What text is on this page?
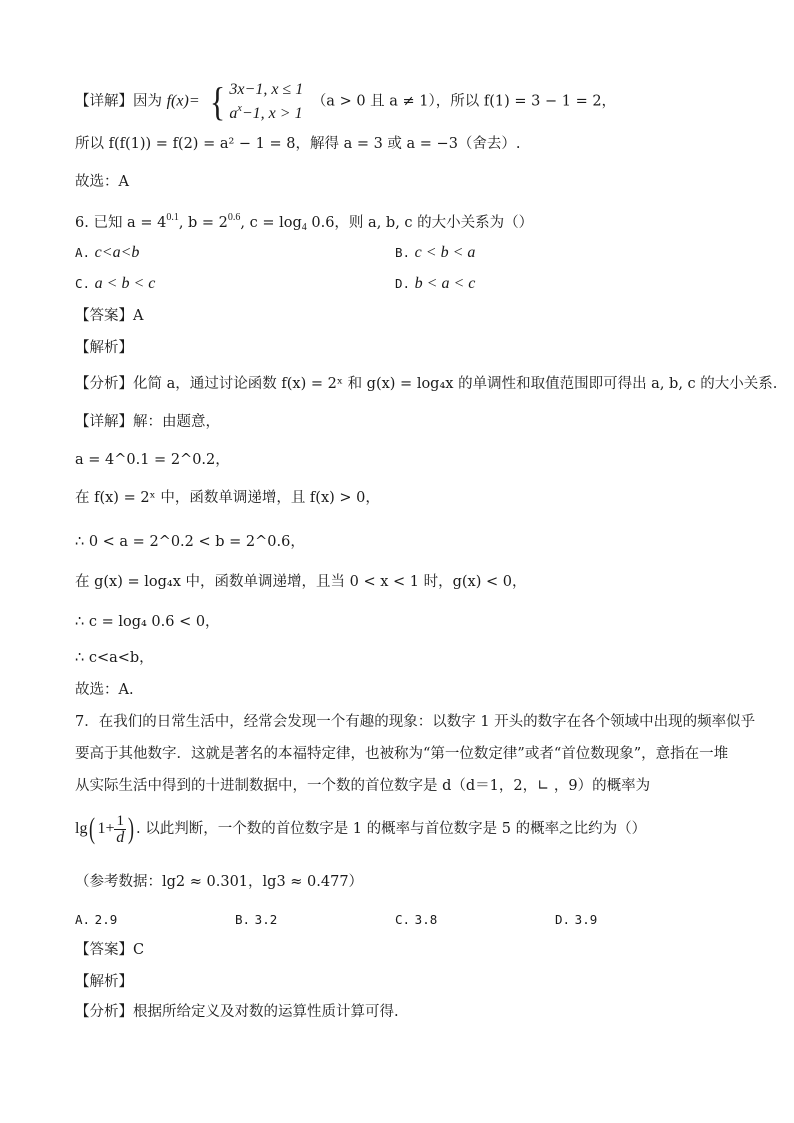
【详解】因为 f(x)= { 3x−1, x ≤ 1
$a^x-1$, x > 1
（a > 0 且 a ≠ 1），所以 f(1) = 3 − 1 = 2，
所以 f(f(1)) = f(2) = a² − 1 = 8，解得 a = 3 或 a = −3（舍去）.
故选：A
6. 已知 $a = 4^{0.1}$, $b = 2^{0.6}$, $c = \log_4 0.6$，则 a, b, c 的大小关系为（）
A. c<a<b	B. c < b < a
C. a < b < c	D. b < a < c
【答案】A
【解析】
【分析】化简 a，通过讨论函数 f(x) = 2ˣ 和 g(x) = log₄x 的单调性和取值范围即可得出 a, b, c 的大小关系.
【详解】解：由题意，
a = 4^0.1 = 2^0.2，
在 f(x) = 2ˣ 中，函数单调递增，且 f(x) > 0，
∴ 0 < a = 2^0.2 < b = 2^0.6，
在 g(x) = log₄x 中，函数单调递增，且当 0 < x < 1 时，g(x) < 0，
∴ c = log₄ 0.6 < 0，
∴ c<a<b，
故选：A.
7．在我们的日常生活中，经常会发现一个有趣的现象：以数字 1 开头的数字在各个领域中出现的频率似乎
要高于其他数字．这就是著名的本福特定律，也被称为“第一位数定律”或者“首位数现象”，意指在一堆
从实际生活中得到的十进制数据中，一个数的首位数字是 d（d＝1，2，∟ ，9）的概率为
lg( $1+ \frac{1}{d}$ ) . 以此判断，一个数的首位数字是 1 的概率与首位数字是 5 的概率之比约为（）
（参考数据：lg2 ≈ 0.301，lg3 ≈ 0.477）
A. 2.9	B. 3.2	C. 3.8	D. 3.9
【答案】C
【解析】
【分析】根据所给定义及对数的运算性质计算可得.
